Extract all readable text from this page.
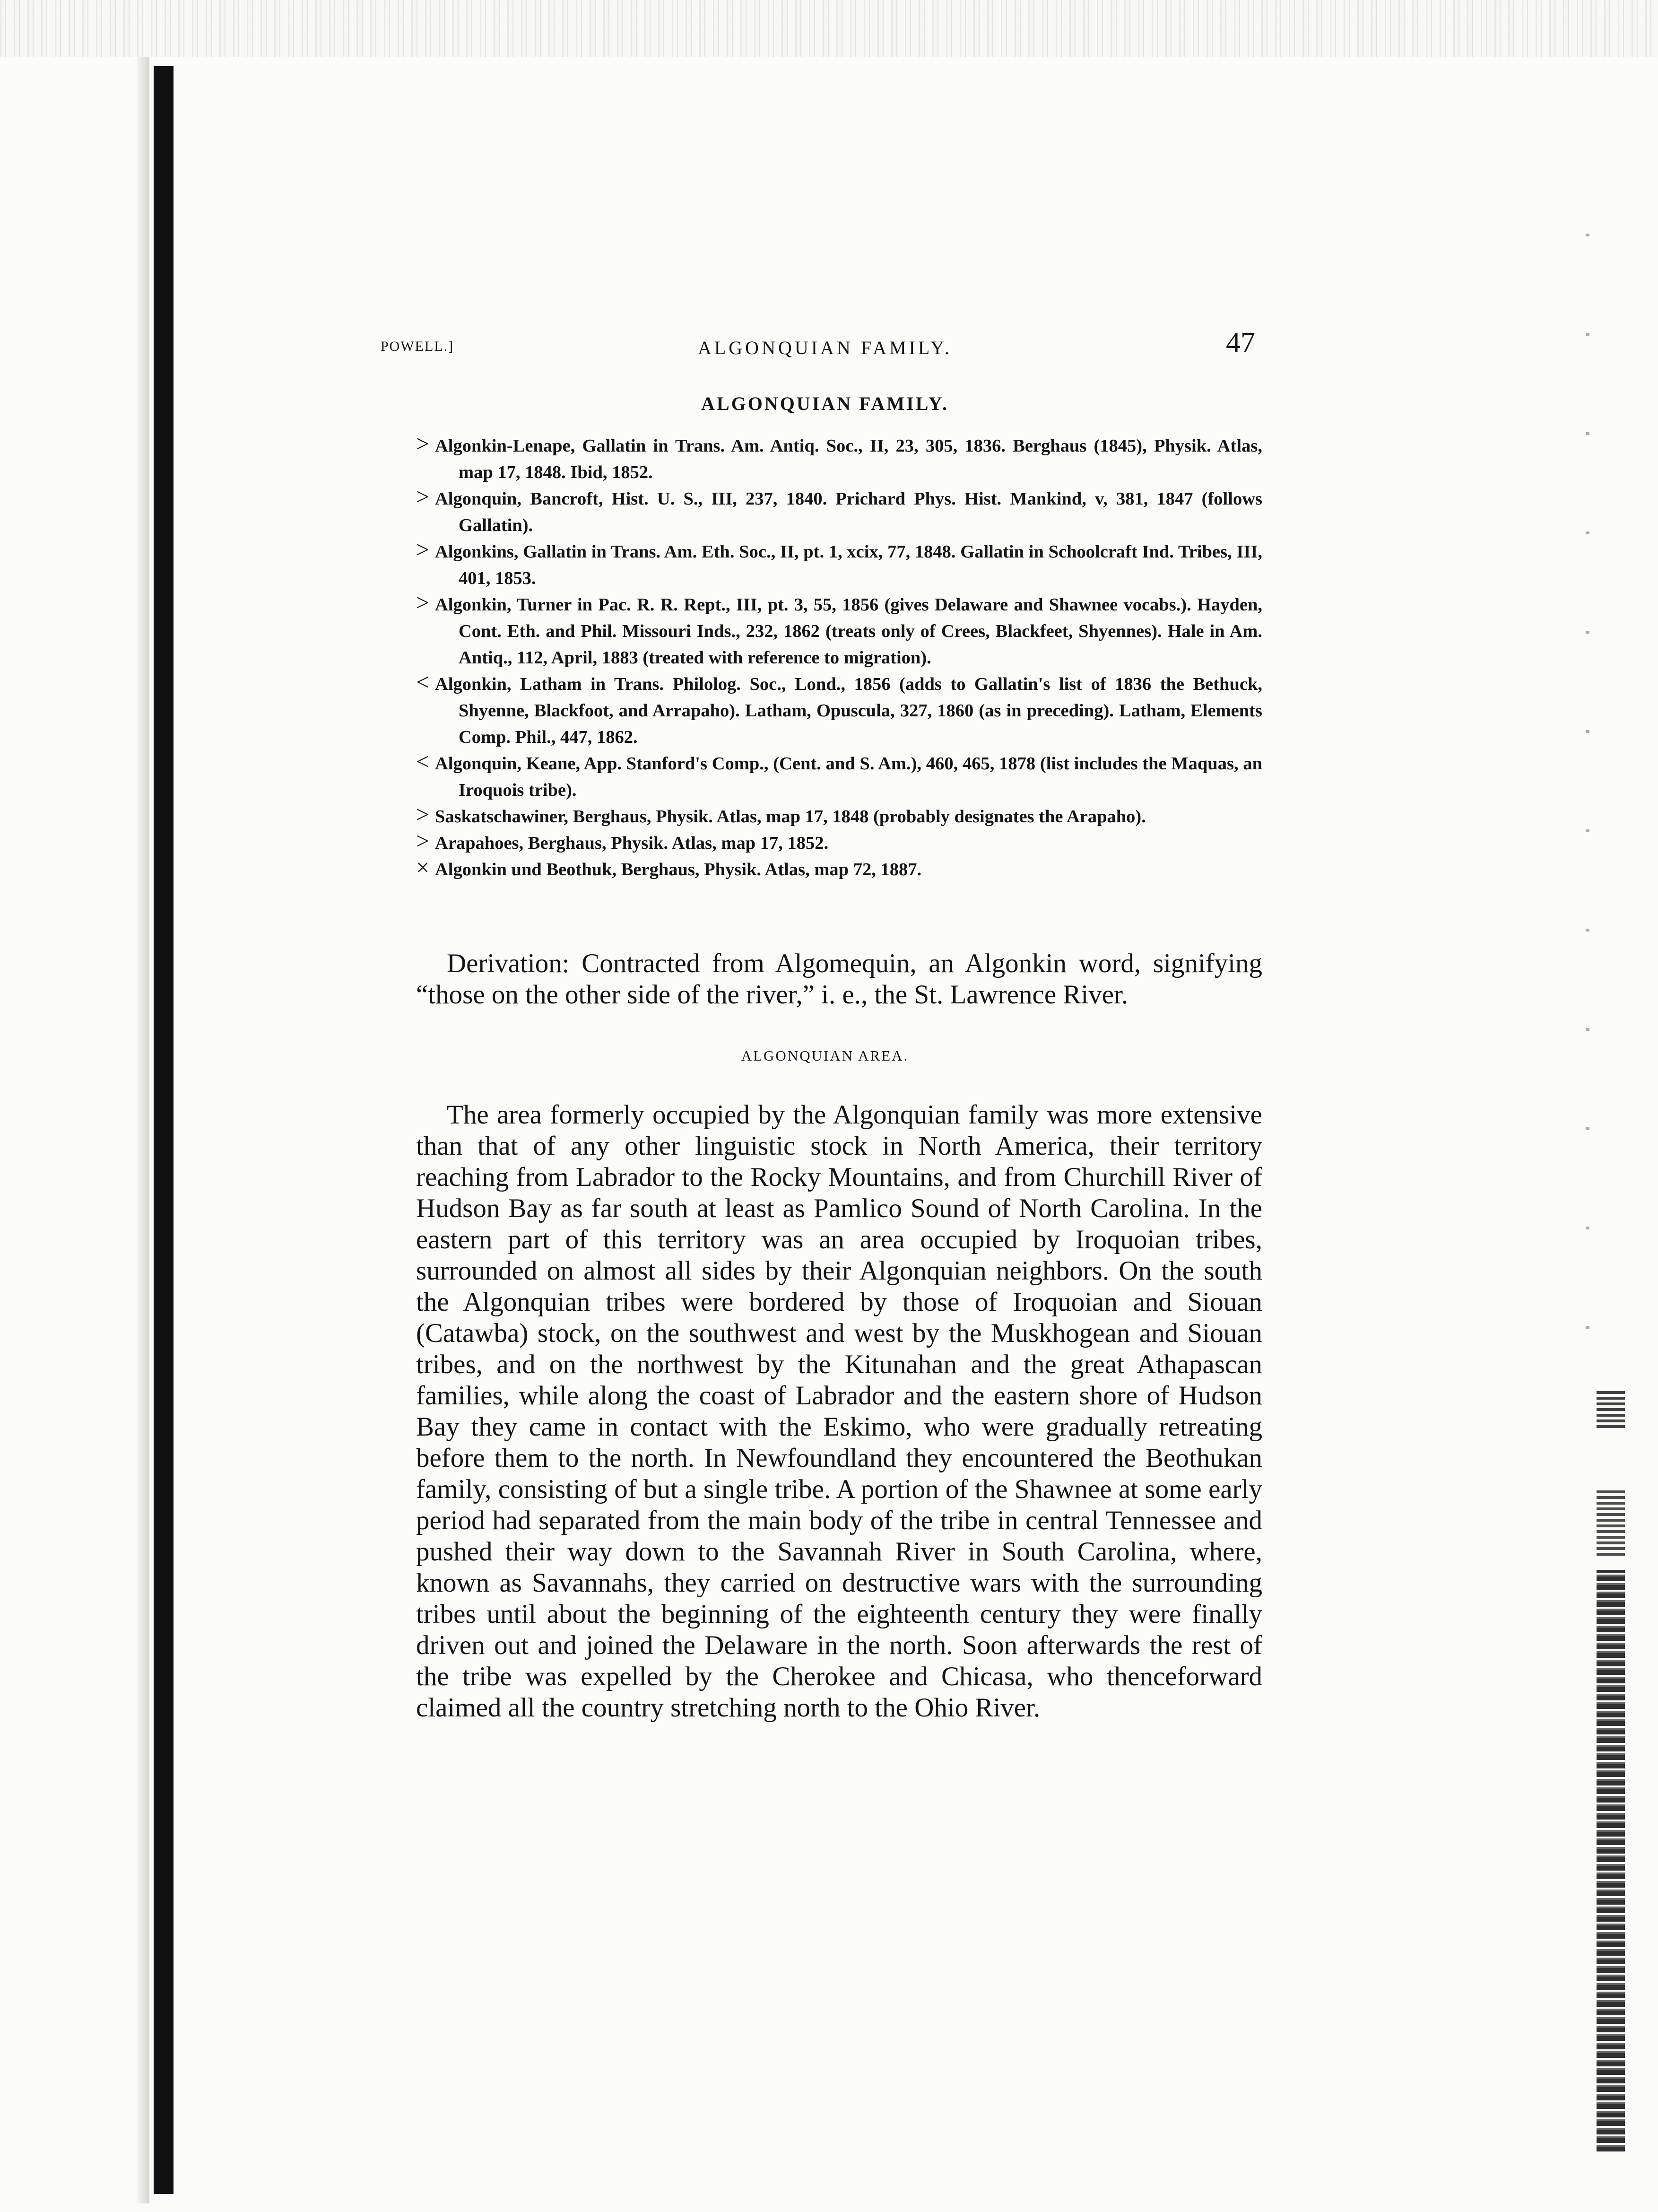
POWELL.]	ALGONQUIAN FAMILY.	47
ALGONQUIAN FAMILY.
> Algonkin-Lenape, Gallatin in Trans. Am. Antiq. Soc., II, 23, 305, 1836. Berghaus (1845), Physik. Atlas, map 17, 1848. Ibid, 1852.
> Algonquin, Bancroft, Hist. U. S., III, 237, 1840. Prichard Phys. Hist. Mankind, v, 381, 1847 (follows Gallatin).
> Algonkins, Gallatin in Trans. Am. Eth. Soc., II, pt. 1, xcix, 77, 1848. Gallatin in Schoolcraft Ind. Tribes, III, 401, 1853.
> Algonkin, Turner in Pac. R. R. Rept., III, pt. 3, 55, 1856 (gives Delaware and Shawnee vocabs.). Hayden, Cont. Eth. and Phil. Missouri Inds., 232, 1862 (treats only of Crees, Blackfeet, Shyennes). Hale in Am. Antiq., 112, April, 1883 (treated with reference to migration).
< Algonkin, Latham in Trans. Philolog. Soc., Lond., 1856 (adds to Gallatin's list of 1836 the Bethuck, Shyenne, Blackfoot, and Arrapaho). Latham, Opuscula, 327, 1860 (as in preceding). Latham, Elements Comp. Phil., 447, 1862.
< Algonquin, Keane, App. Stanford's Comp., (Cent. and S. Am.), 460, 465, 1878 (list includes the Maquas, an Iroquois tribe).
> Saskatschawiner, Berghaus, Physik. Atlas, map 17, 1848 (probably designates the Arapaho).
> Arapahoes, Berghaus, Physik. Atlas, map 17, 1852.
× Algonkin und Beothuk, Berghaus, Physik. Atlas, map 72, 1887.

Derivation: Contracted from Algomequin, an Algonkin word, signifying “those on the other side of the river,” i. e., the St. Lawrence River.

ALGONQUIAN AREA.

The area formerly occupied by the Algonquian family was more extensive than that of any other linguistic stock in North America, their territory reaching from Labrador to the Rocky Mountains, and from Churchill River of Hudson Bay as far south at least as Pamlico Sound of North Carolina. In the eastern part of this territory was an area occupied by Iroquoian tribes, surrounded on almost all sides by their Algonquian neighbors. On the south the Algonquian tribes were bordered by those of Iroquoian and Siouan (Catawba) stock, on the southwest and west by the Muskhogean and Siouan tribes, and on the northwest by the Kitunahan and the great Athapascan families, while along the coast of Labrador and the eastern shore of Hudson Bay they came in contact with the Eskimo, who were gradually retreating before them to the north. In Newfoundland they encountered the Beothukan family, consisting of but a single tribe. A portion of the Shawnee at some early period had separated from the main body of the tribe in central Tennessee and pushed their way down to the Savannah River in South Carolina, where, known as Savannahs, they carried on destructive wars with the surrounding tribes until about the beginning of the eighteenth century they were finally driven out and joined the Delaware in the north. Soon afterwards the rest of the tribe was expelled by the Cherokee and Chicasa, who thenceforward claimed all the country stretching north to the Ohio River.
